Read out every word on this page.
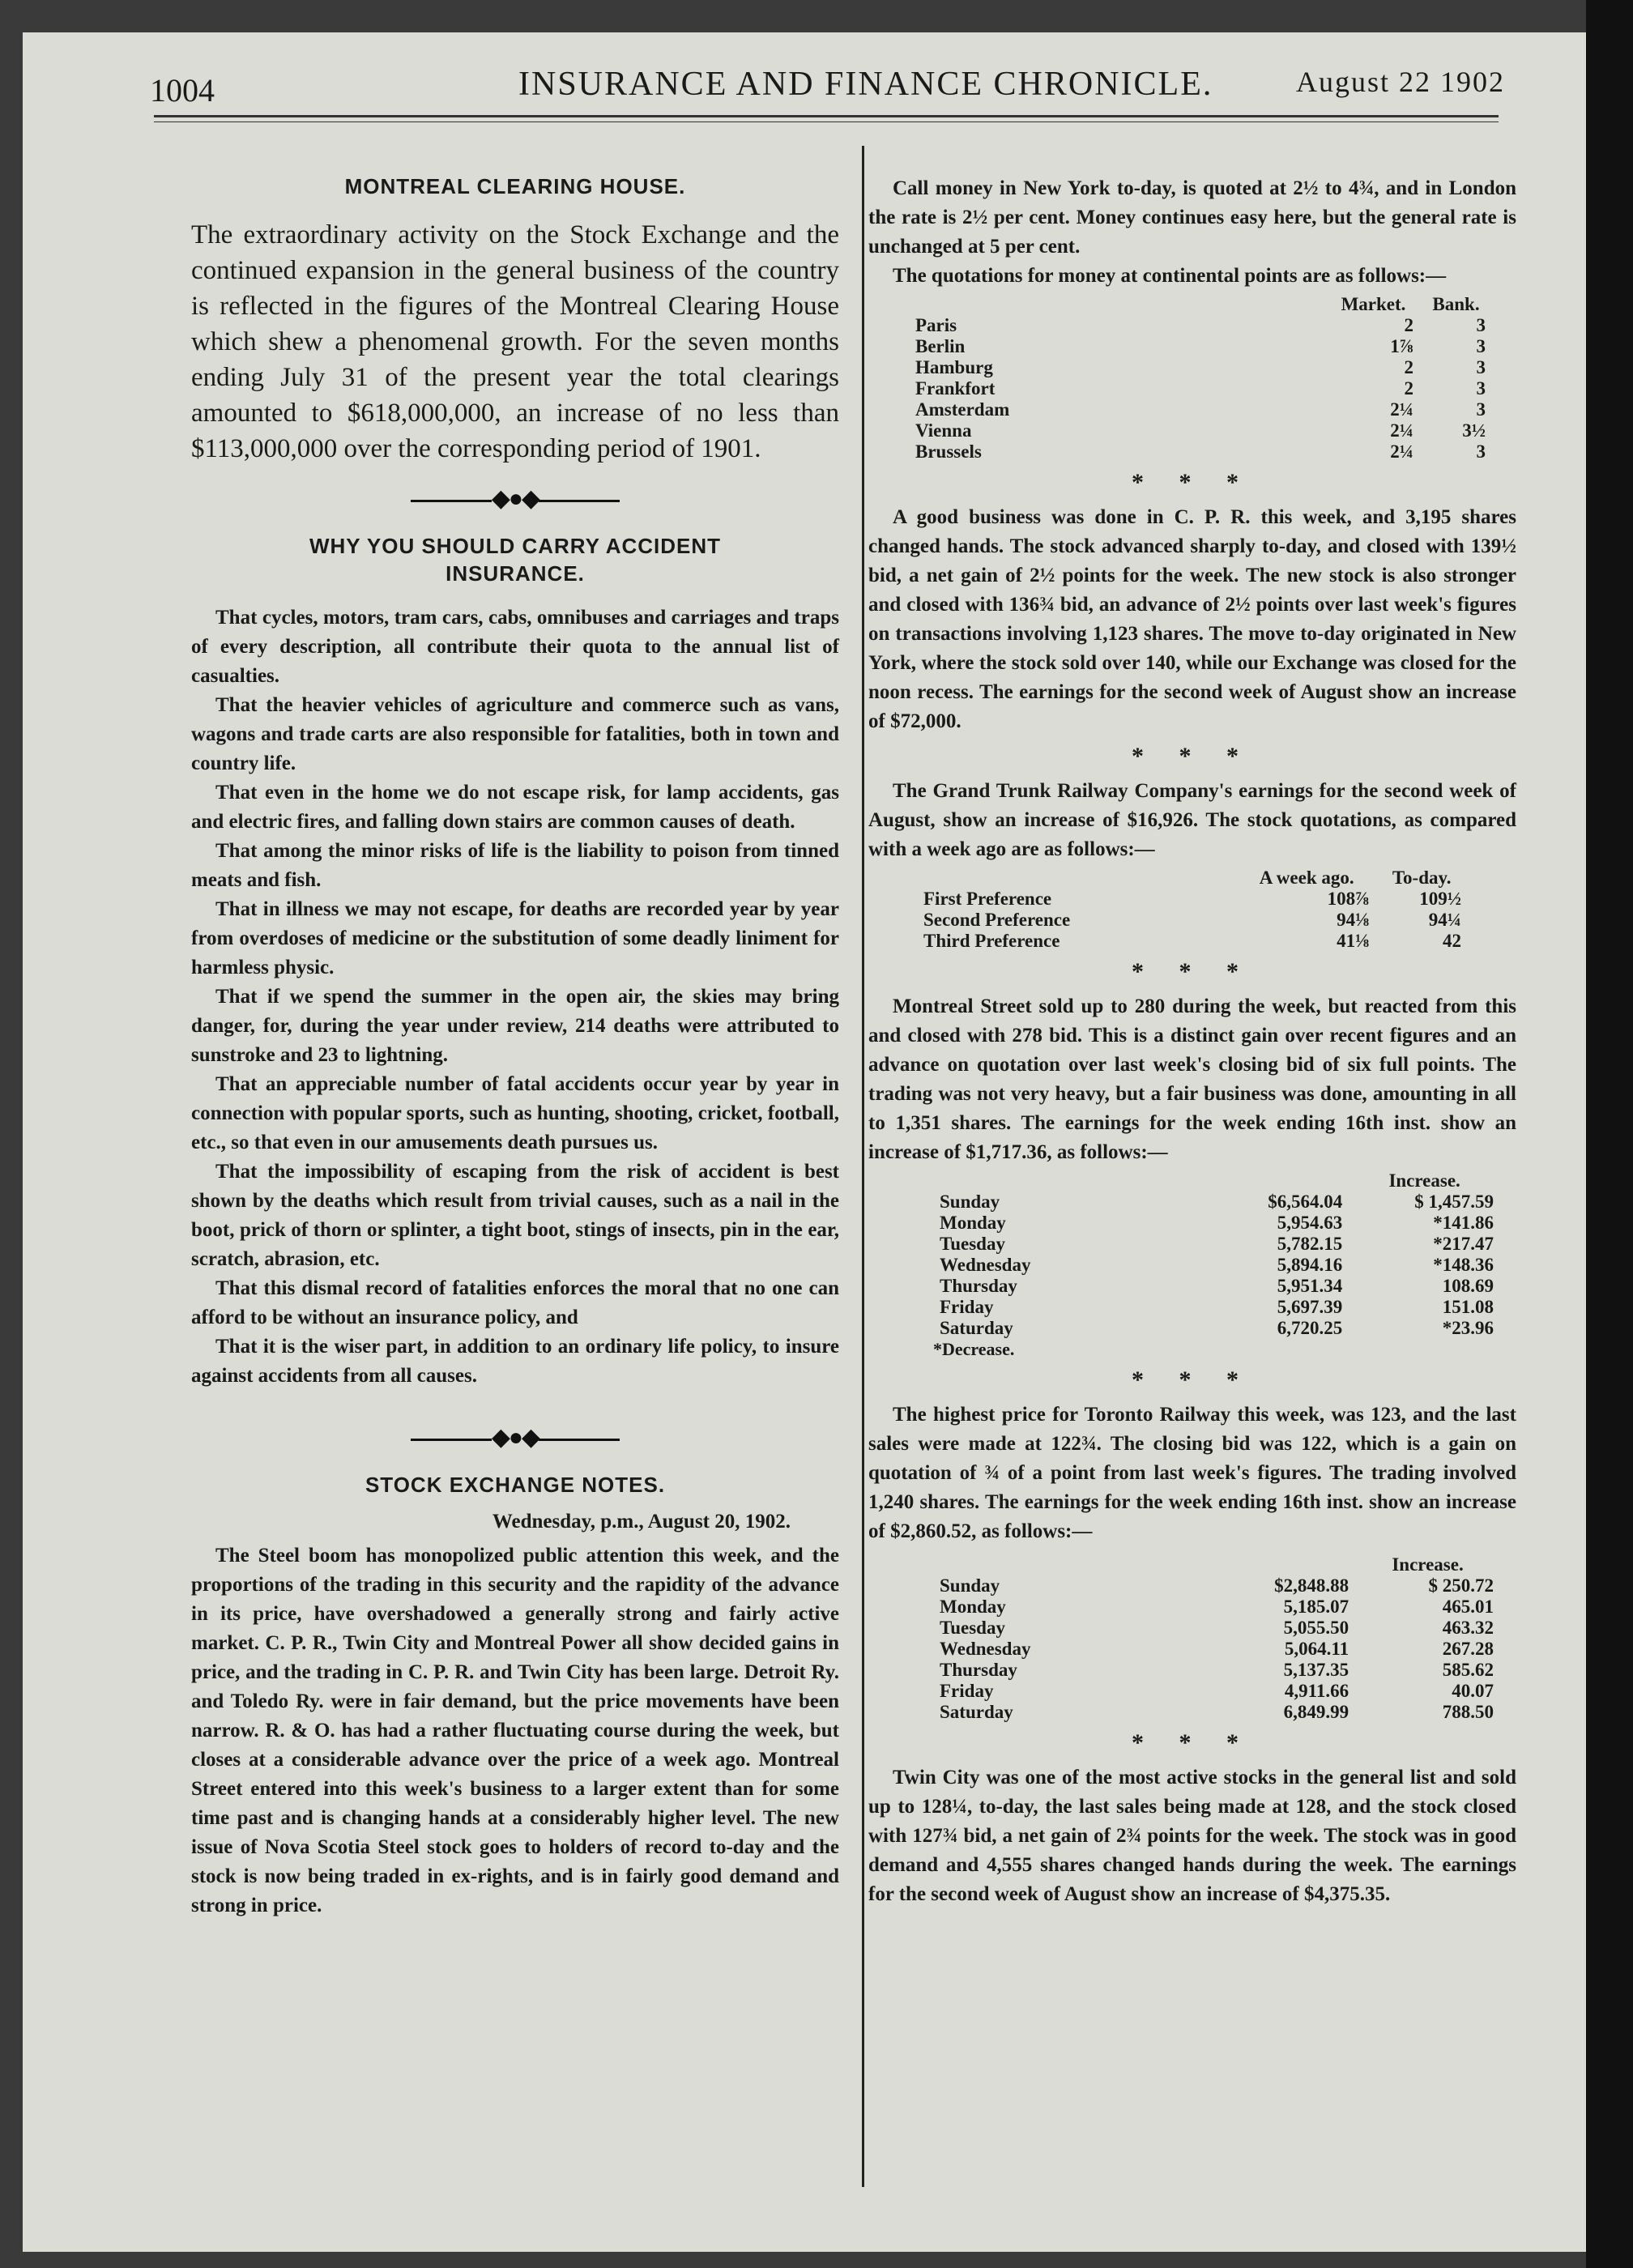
1004	INSURANCE AND FINANCE CHRONICLE.	August 22 1902
MONTREAL CLEARING HOUSE.

The extraordinary activity on the Stock Exchange and the continued expansion in the general business of the country is reflected in the figures of the Montreal Clearing House which shew a phenomenal growth. For the seven months ending July 31 of the present year the total clearings amounted to $618,000,000, an increase of no less than $113,000,000 over the corresponding period of 1901.

◆●◆
WHY YOU SHOULD CARRY ACCIDENT INSURANCE.

That cycles, motors, tram cars, cabs, omnibuses and carriages and traps of every description, all contribute their quota to the annual list of casualties.

That the heavier vehicles of agriculture and commerce such as vans, wagons and trade carts are also responsible for fatalities, both in town and country life.

That even in the home we do not escape risk, for lamp accidents, gas and electric fires, and falling down stairs are common causes of death.

That among the minor risks of life is the liability to poison from tinned meats and fish.

That in illness we may not escape, for deaths are recorded year by year from overdoses of medicine or the substitution of some deadly liniment for harmless physic.

That if we spend the summer in the open air, the skies may bring danger, for, during the year under review, 214 deaths were attributed to sunstroke and 23 to lightning.

That an appreciable number of fatal accidents occur year by year in connection with popular sports, such as hunting, shooting, cricket, football, etc., so that even in our amusements death pursues us.

That the impossibility of escaping from the risk of accident is best shown by the deaths which result from trivial causes, such as a nail in the boot, prick of thorn or splinter, a tight boot, stings of insects, pin in the ear, scratch, abrasion, etc.

That this dismal record of fatalities enforces the moral that no one can afford to be without an insurance policy, and

That it is the wiser part, in addition to an ordinary life policy, to insure against accidents from all causes.

◆●◆
STOCK EXCHANGE NOTES.
Wednesday, p.m., August 20, 1902.

The Steel boom has monopolized public attention this week, and the proportions of the trading in this security and the rapidity of the advance in its price, have overshadowed a generally strong and fairly active market. C. P. R., Twin City and Montreal Power all show decided gains in price, and the trading in C. P. R. and Twin City has been large. Detroit Ry. and Toledo Ry. were in fair demand, but the price movements have been narrow. R. & O. has had a rather fluctuating course during the week, but closes at a considerable advance over the price of a week ago. Montreal Street entered into this week's business to a larger extent than for some time past and is changing hands at a considerably higher level. The new issue of Nova Scotia Steel stock goes to holders of record to-day and the stock is now being traded in ex-rights, and is in fairly good demand and strong in price.

Call money in New York to-day, is quoted at 2½ to 4¾, and in London the rate is 2½ per cent. Money continues easy here, but the general rate is unchanged at 5 per cent.

The quotations for money at continental points are as follows:—

	Market.	Bank.
Paris	2	3
Berlin	1⅞	3
Hamburg	2	3
Frankfort	2	3
Amsterdam	2¼	3
Vienna	2¼	3½
Brussels	2¼	3
* * *

A good business was done in C. P. R. this week, and 3,195 shares changed hands. The stock advanced sharply to-day, and closed with 139½ bid, a net gain of 2½ points for the week. The new stock is also stronger and closed with 136¾ bid, an advance of 2½ points over last week's figures on transactions involving 1,123 shares. The move to-day originated in New York, where the stock sold over 140, while our Exchange was closed for the noon recess. The earnings for the second week of August show an increase of $72,000.

* * *

The Grand Trunk Railway Company's earnings for the second week of August, show an increase of $16,926. The stock quotations, as compared with a week ago are as follows:—

	A week ago.	To-day.
First Preference	108⅞	109½
Second Preference	94⅛	94¼
Third Preference	41⅛	42
* * *

Montreal Street sold up to 280 during the week, but reacted from this and closed with 278 bid. This is a distinct gain over recent figures and an advance on quotation over last week's closing bid of six full points. The trading was not very heavy, but a fair business was done, amounting in all to 1,351 shares. The earnings for the week ending 16th inst. show an increase of $1,717.36, as follows:—

		Increase.
Sunday	$6,564.04	$ 1,457.59
Monday	5,954.63	*141.86
Tuesday	5,782.15	*217.47
Wednesday	5,894.16	*148.36
Thursday	5,951.34	108.69
Friday	5,697.39	151.08
Saturday	6,720.25	*23.96
*Decrease.
* * *

The highest price for Toronto Railway this week, was 123, and the last sales were made at 122¾. The closing bid was 122, which is a gain on quotation of ¾ of a point from last week's figures. The trading involved 1,240 shares. The earnings for the week ending 16th inst. show an increase of $2,860.52, as follows:—

		Increase.
Sunday	$2,848.88	$ 250.72
Monday	5,185.07	465.01
Tuesday	5,055.50	463.32
Wednesday	5,064.11	267.28
Thursday	5,137.35	585.62
Friday	4,911.66	40.07
Saturday	6,849.99	788.50
* * *

Twin City was one of the most active stocks in the general list and sold up to 128¼, to-day, the last sales being made at 128, and the stock closed with 127¾ bid, a net gain of 2¾ points for the week. The stock was in good demand and 4,555 shares changed hands during the week. The earnings for the second week of August show an increase of $4,375.35.
